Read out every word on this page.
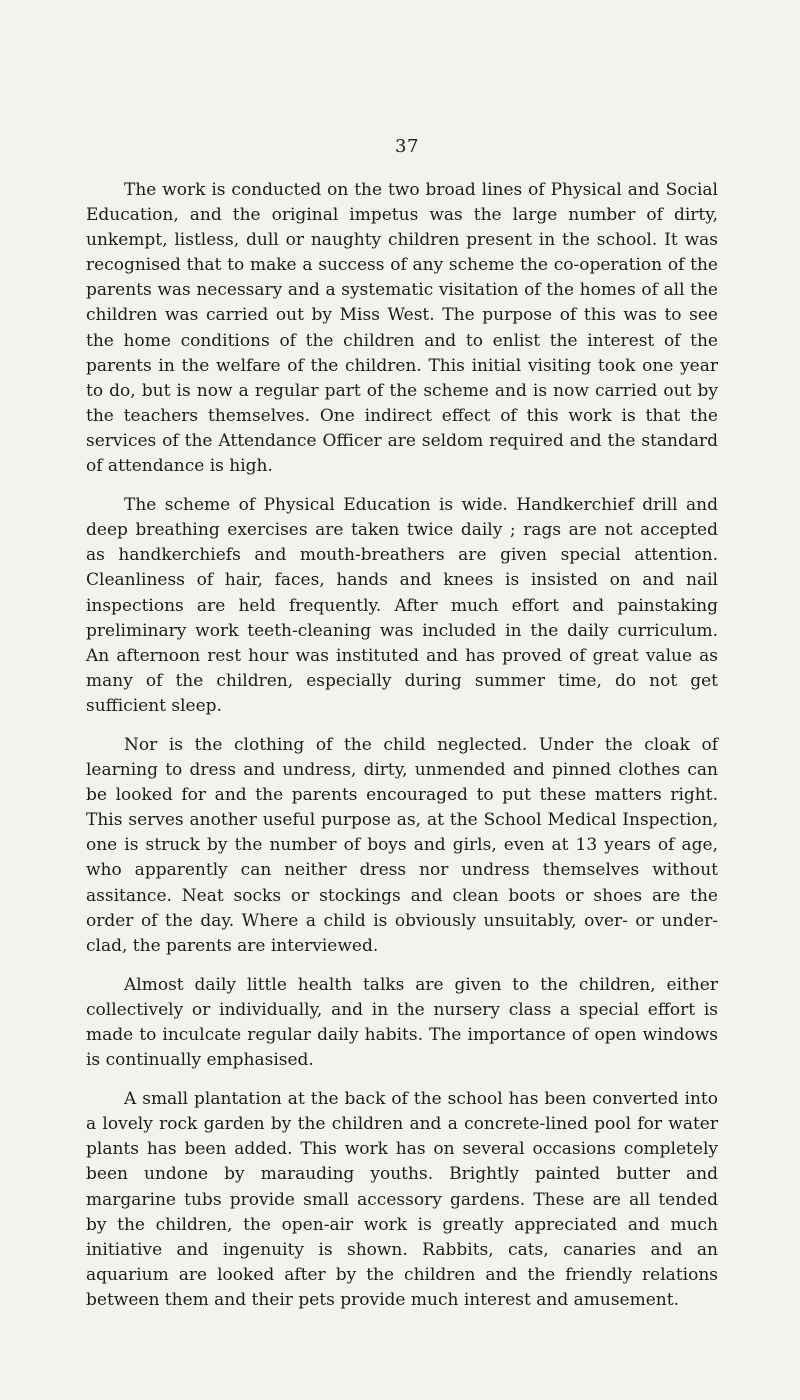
37

The work is conducted on the two broad lines of Physical and Social Education, and the original impetus was the large number of dirty, unkempt, listless, dull or naughty children present in the school. It was recognised that to make a success of any scheme the co-operation of the parents was necessary and a systematic visitation of the homes of all the children was carried out by Miss West. The purpose of this was to see the home conditions of the children and to enlist the interest of the parents in the welfare of the children. This initial visiting took one year to do, but is now a regular part of the scheme and is now carried out by the teachers themselves. One indirect effect of this work is that the services of the Attendance Officer are seldom required and the standard of attendance is high.

The scheme of Physical Education is wide. Handkerchief drill and deep breathing exercises are taken twice daily ; rags are not accepted as handkerchiefs and mouth-breathers are given special attention. Cleanliness of hair, faces, hands and knees is insisted on and nail inspections are held frequently. After much effort and painstaking preliminary work teeth-cleaning was included in the daily curriculum. An afternoon rest hour was instituted and has proved of great value as many of the children, especially during summer time, do not get sufficient sleep.

Nor is the clothing of the child neglected. Under the cloak of learning to dress and undress, dirty, unmended and pinned clothes can be looked for and the parents encouraged to put these matters right. This serves another useful purpose as, at the School Medical Inspection, one is struck by the number of boys and girls, even at 13 years of age, who apparently can neither dress nor undress themselves without assitance. Neat socks or stockings and clean boots or shoes are the order of the day. Where a child is obviously unsuitably, over- or under-clad, the parents are interviewed.

Almost daily little health talks are given to the children, either collectively or individually, and in the nursery class a special effort is made to inculcate regular daily habits. The importance of open windows is continually emphasised.

A small plantation at the back of the school has been converted into a lovely rock garden by the children and a concrete-lined pool for water plants has been added. This work has on several occasions completely been undone by marauding youths. Brightly painted butter and margarine tubs provide small accessory gardens. These are all tended by the children, the open-air work is greatly appreciated and much initiative and ingenuity is shown. Rabbits, cats, canaries and an aquarium are looked after by the children and the friendly relations between them and their pets provide much interest and amusement.
